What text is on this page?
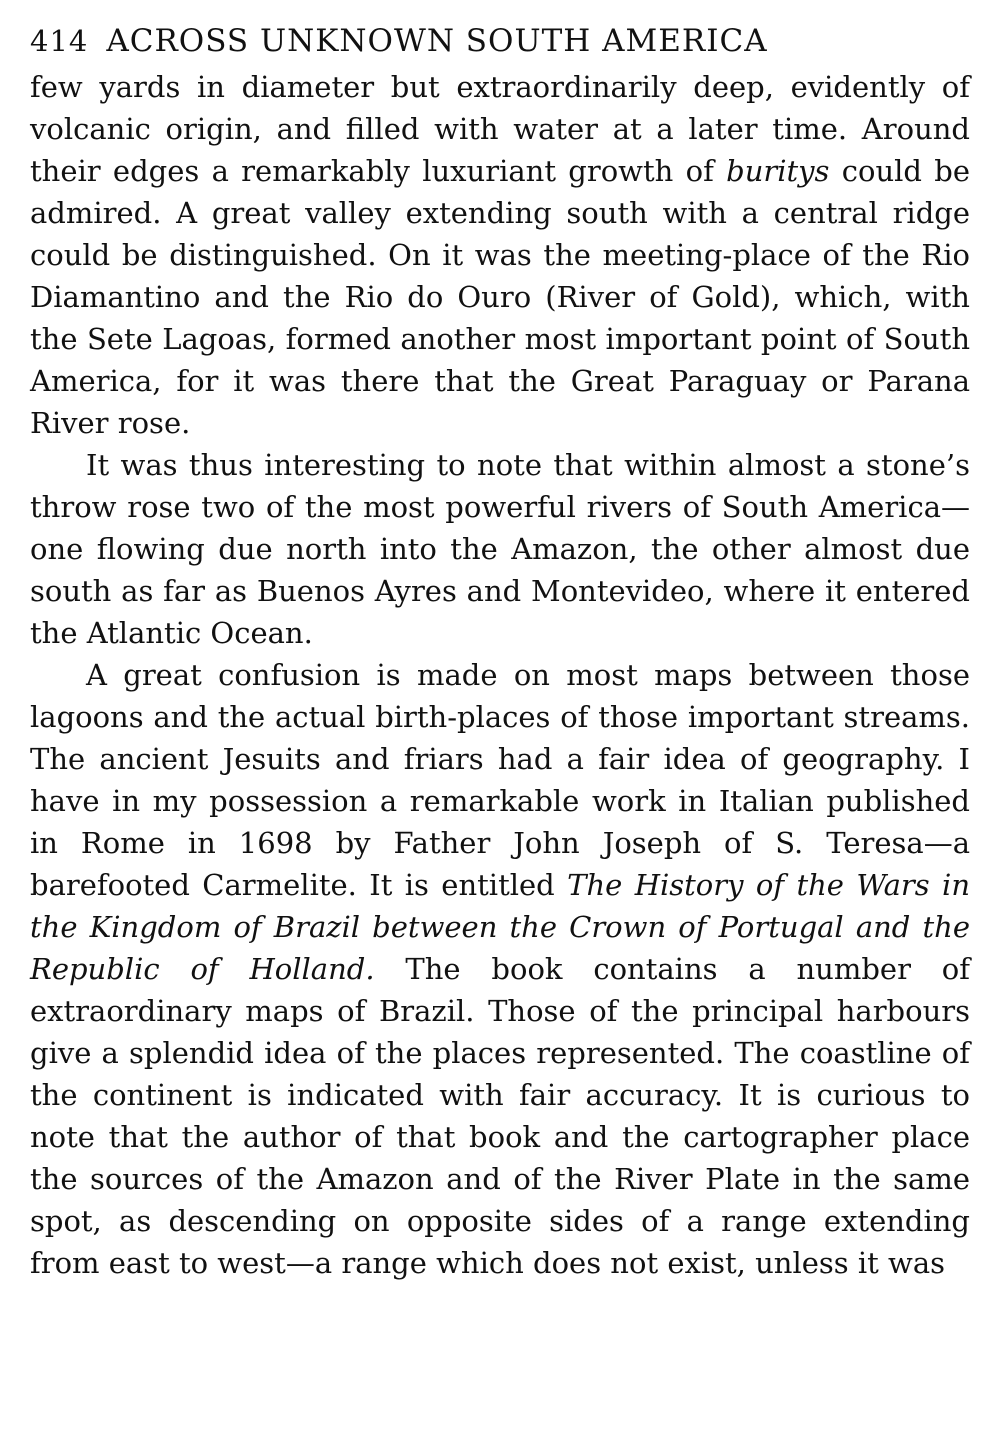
414 ACROSS UNKNOWN SOUTH AMERICA

few yards in diameter but extraordinarily deep, evidently of volcanic origin, and filled with water at a later time. Around their edges a remarkably luxuriant growth of buritys could be admired. A great valley extending south with a central ridge could be distinguished. On it was the meeting-place of the Rio Diamantino and the Rio do Ouro (River of Gold), which, with the Sete Lagoas, formed another most important point of South America, for it was there that the Great Paraguay or Parana River rose.

It was thus interesting to note that within almost a stone’s throw rose two of the most powerful rivers of South America—one flowing due north into the Amazon, the other almost due south as far as Buenos Ayres and Montevideo, where it entered the Atlantic Ocean.

A great confusion is made on most maps between those lagoons and the actual birth-places of those important streams. The ancient Jesuits and friars had a fair idea of geography. I have in my possession a remarkable work in Italian published in Rome in 1698 by Father John Joseph of S. Teresa—a barefooted Carmelite. It is entitled The History of the Wars in the Kingdom of Brazil between the Crown of Portugal and the Republic of Holland. The book contains a number of extraordinary maps of Brazil. Those of the principal harbours give a splendid idea of the places represented. The coastline of the continent is indicated with fair accuracy. It is curious to note that the author of that book and the cartographer place the sources of the Amazon and of the River Plate in the same spot, as descending on opposite sides of a range extending from east to west—a range which does not exist, unless it was
